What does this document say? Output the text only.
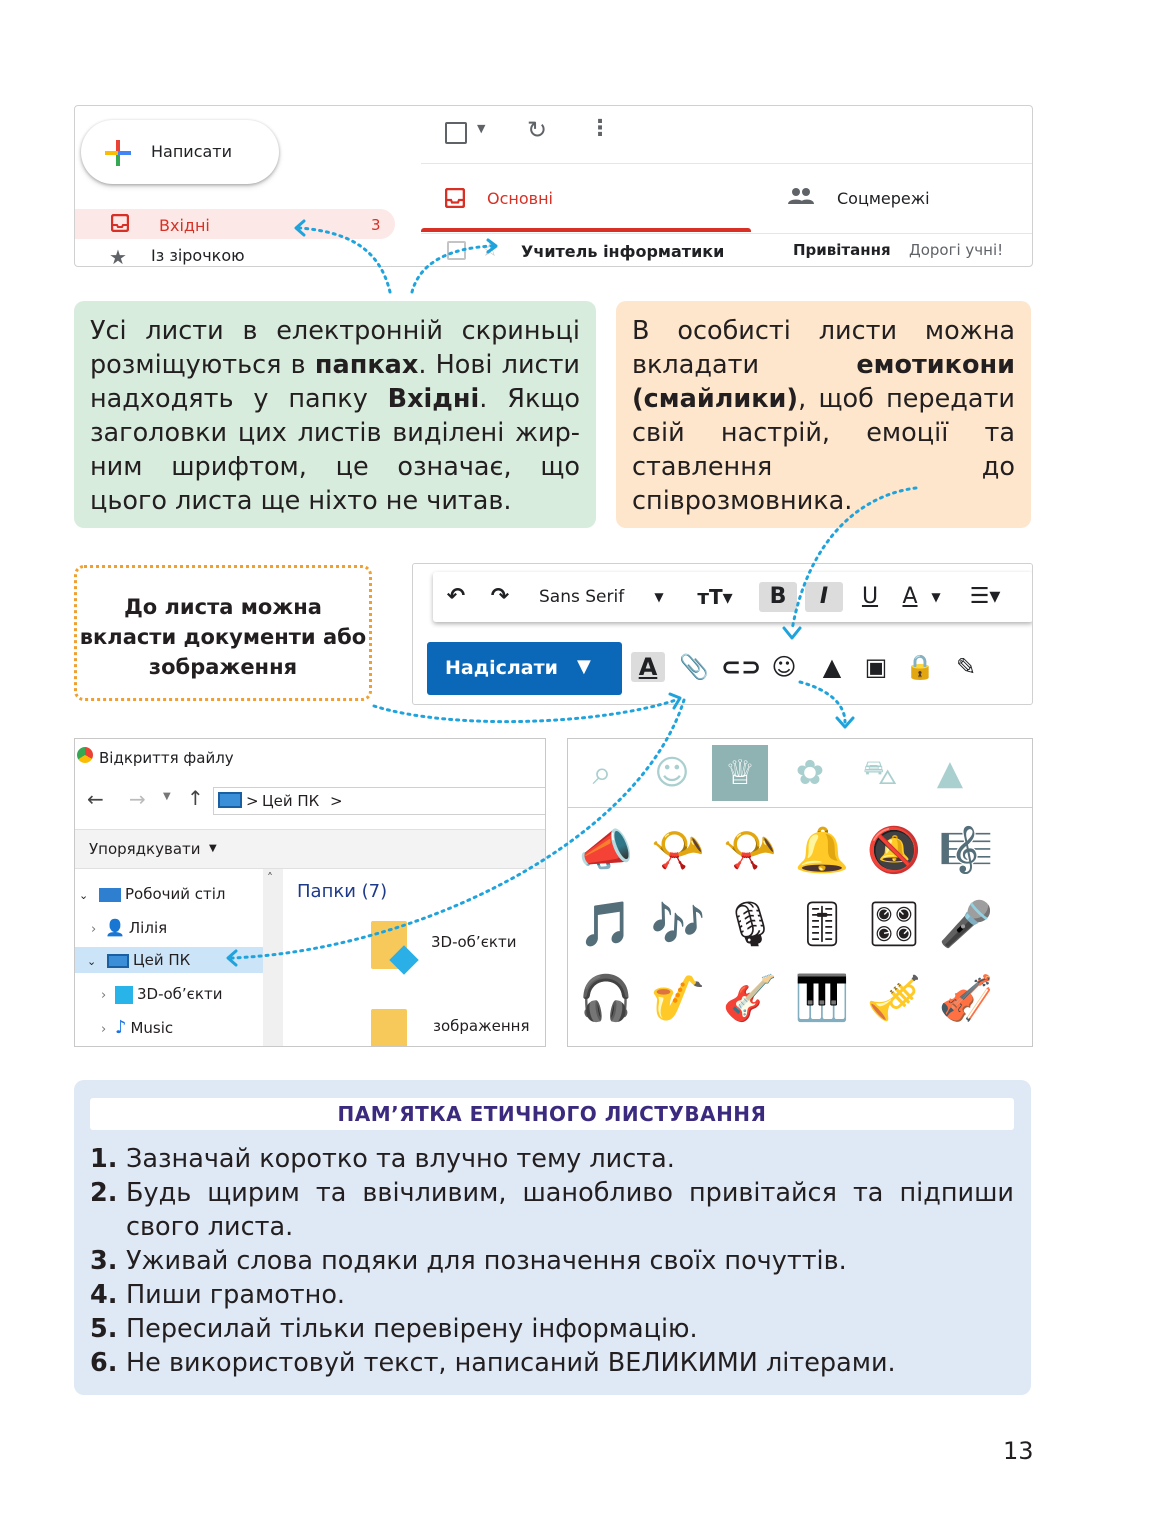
Написати
Вхідні	3
★ Із зірочкою
▼ ↻ ⋮
Основні	Соцмережі
☆ Учитель інформатики	Привітання Дорогі учні!
Усі листи в електронній скриньці розміщуються в папках. Нові листи надходять у папку Вхідні. Якщо заголовки цих листів виділені жирним шрифтом, це означає, що цього листа ще ніхто не читав.
В особисті листи можна вкладати емотикони (смайлики), щоб передати свій настрій, емоції та ставлення до співрозмовника.
До листа можна вкласти документи або зображення
↶ ↷	Sans Serif	▼ ᴛT▾	B	I	U	A	▼	☰▾
Надіслати ▼	A 📎 ⊂⊃ ☺ ▲ ▣ 🔒 ✎
Відкриття файлу
← → ▼ ↑	> Цей ПК >
Упорядкувати ▼
⌄ Робочий стіл
› 👤 Лілія
⌄ Цей ПК
› 3D-об’єкти
› ♪ Music
˄
Папки (7)
3D-об’єкти
зображення
⌕	☺	♕	✿	⛍	▲
📣 📯 📯 🔔 🔕 🎼
🎵 🎶 🎙 🎚 🎛 🎤
🎧 🎷 🎸 🎹 🎺 🎻
ПАМ’ЯТКА ЕТИЧНОГО ЛИСТУВАННЯ
1. Зазначай коротко та влучно тему листа.
2. Будь щирим та ввічливим, шанобливо привітайся та підпиши свого листа.
3. Уживай слова подяки для позначення своїх почуттів.
4. Пиши грамотно.
5. Пересилай тільки перевірену інформацію.
6. Не використовуй текст, написаний ВЕЛИКИМИ літерами.
13
